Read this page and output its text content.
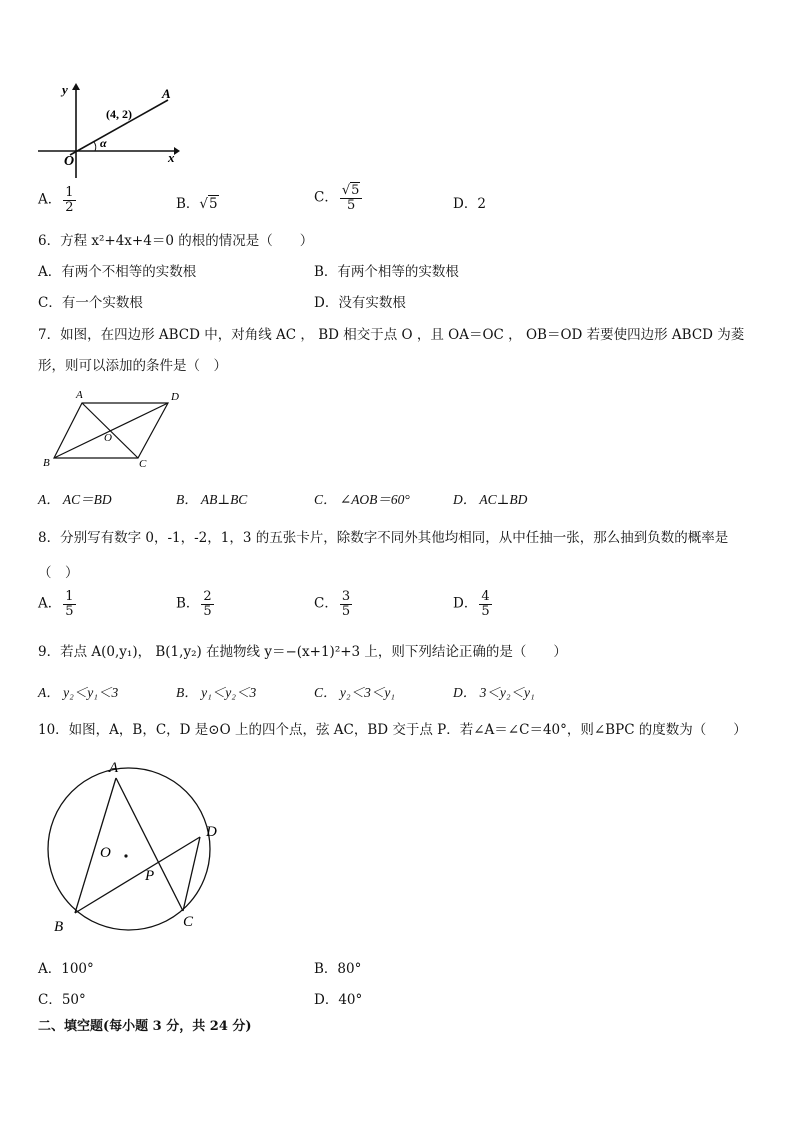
y
x
O
(4, 2)
A
α
A． $\frac{1}{2}$	B．√5	C． $\frac{√5}{5}$	D．2
6．方程 x²+4x+4＝0 的根的情况是（　　）
A．有两个不相等的实数根	B．有两个相等的实数根
C．有一个实数根	D．没有实数根
7．如图，在四边形 ABCD 中，对角线 AC ， BD 相交于点 O ，且 OA＝OC ， OB＝OD 若要使四边形 ABCD 为菱
形，则可以添加的条件是（　）
A	D
B	C
O
A． AC＝BD	B． AB⊥BC	C． ∠AOB＝60°	D． AC⊥BD
8．分别写有数字 0，-1，-2，1，3 的五张卡片，除数字不同外其他均相同，从中任抽一张，那么抽到负数的概率是
（　）
A． $\frac{1}{5}$	B． $\frac{2}{5}$	C． $\frac{3}{5}$	D． $\frac{4}{5}$
9．若点 A(0,y₁)， B(1,y₂) 在抛物线 y＝−(x+1)²+3 上，则下列结论正确的是（　　）
A． y₂＜y₁＜3	B． y₁＜y₂＜3	C． y₂＜3＜y₁	D． 3＜y₂＜y₁
10．如图，A，B，C，D 是⊙O 上的四个点，弦 AC，BD 交于点 P．若∠A＝∠C＝40°，则∠BPC 的度数为（　　）
A
D
B	C
O
P
A．100°	B．80°
C．50°	D．40°
二、填空题(每小题 3 分，共 24 分)
